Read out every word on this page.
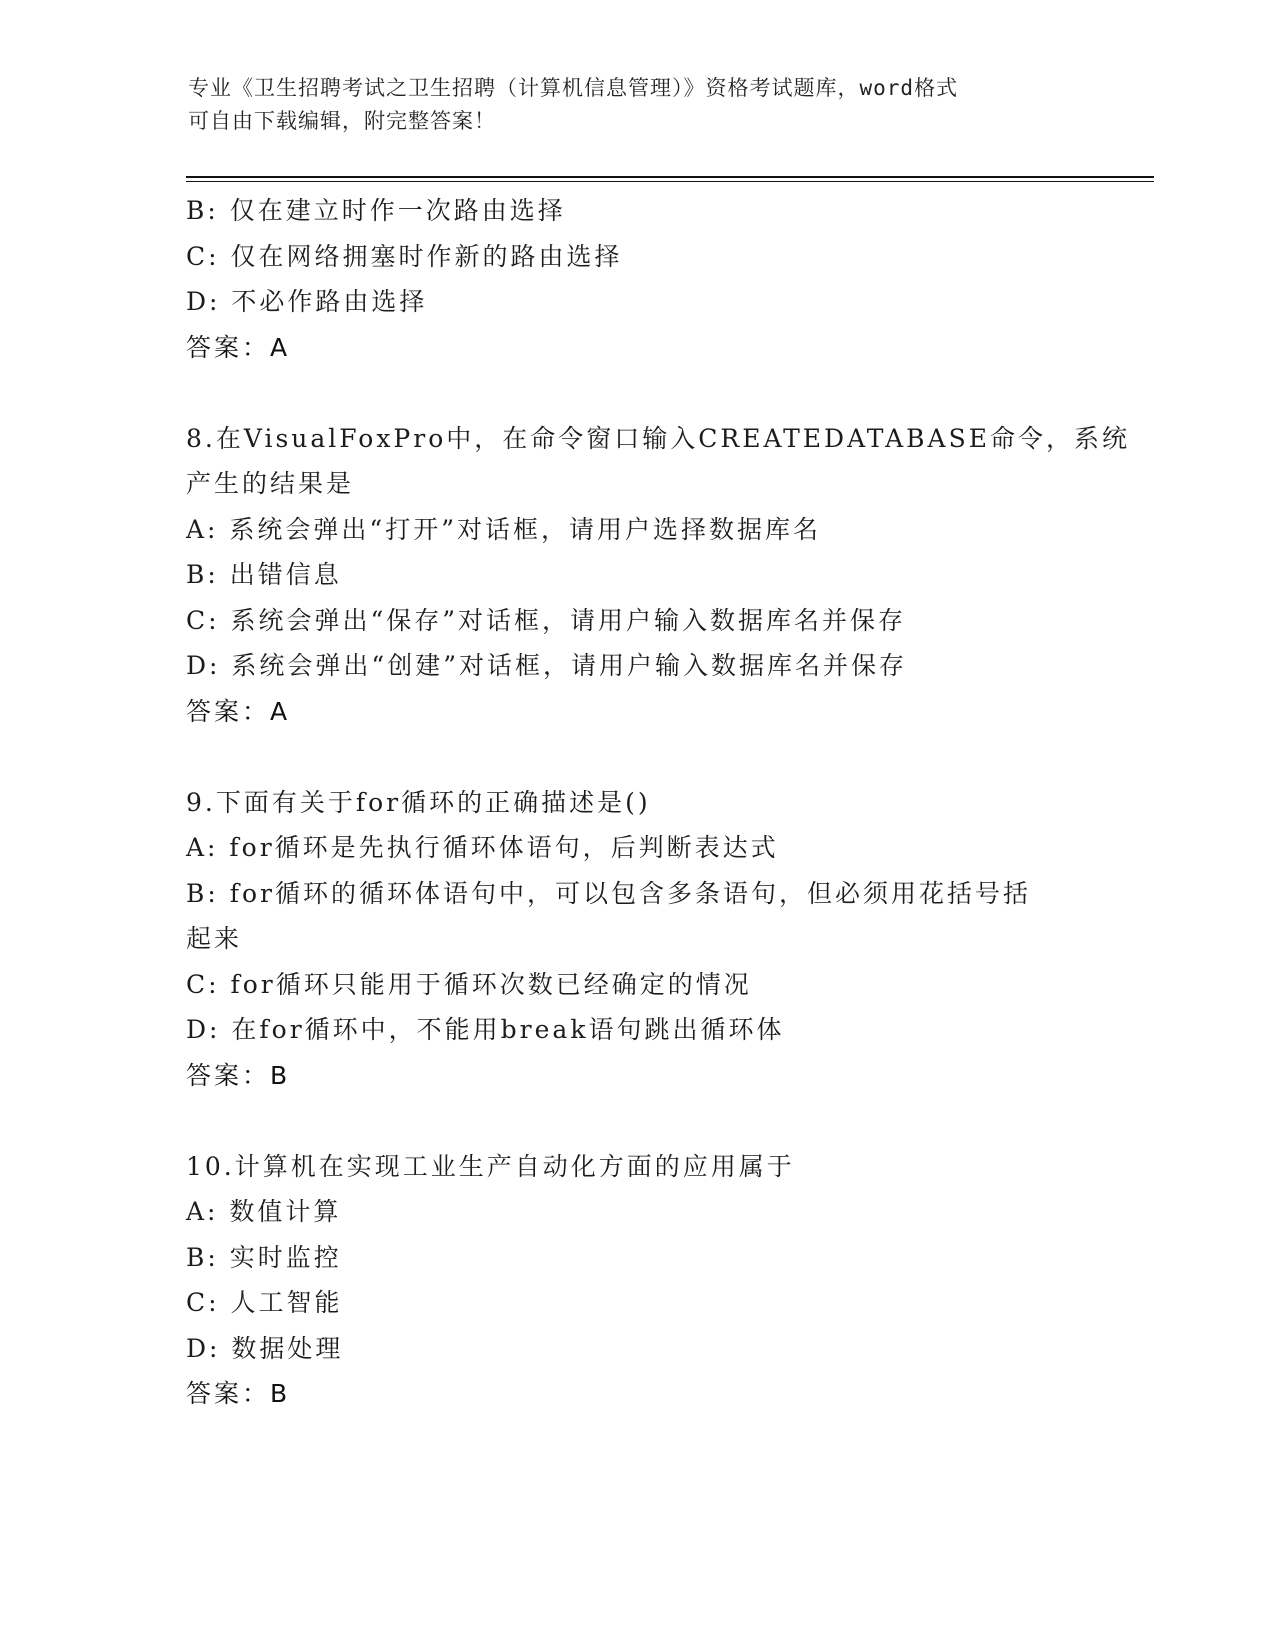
专业《卫生招聘考试之卫生招聘（计算机信息管理）》资格考试题库，word格式
可自由下载编辑，附完整答案！
B: 仅在建立时作一次路由选择
C: 仅在网络拥塞时作新的路由选择
D: 不必作路由选择
答案：A
8.在VisualFoxPro中，在命令窗口输入CREATEDATABASE命令，系统
产生的结果是
A: 系统会弹出“打开”对话框，请用户选择数据库名
B: 出错信息
C: 系统会弹出“保存”对话框，请用户输入数据库名并保存
D: 系统会弹出“创建”对话框，请用户输入数据库名并保存
答案：A
9.下面有关于for循环的正确描述是()
A: for循环是先执行循环体语句，后判断表达式
B: for循环的循环体语句中，可以包含多条语句，但必须用花括号括
起来
C: for循环只能用于循环次数已经确定的情况
D: 在for循环中，不能用break语句跳出循环体
答案：B
10.计算机在实现工业生产自动化方面的应用属于
A: 数值计算
B: 实时监控
C: 人工智能
D: 数据处理
答案：B
